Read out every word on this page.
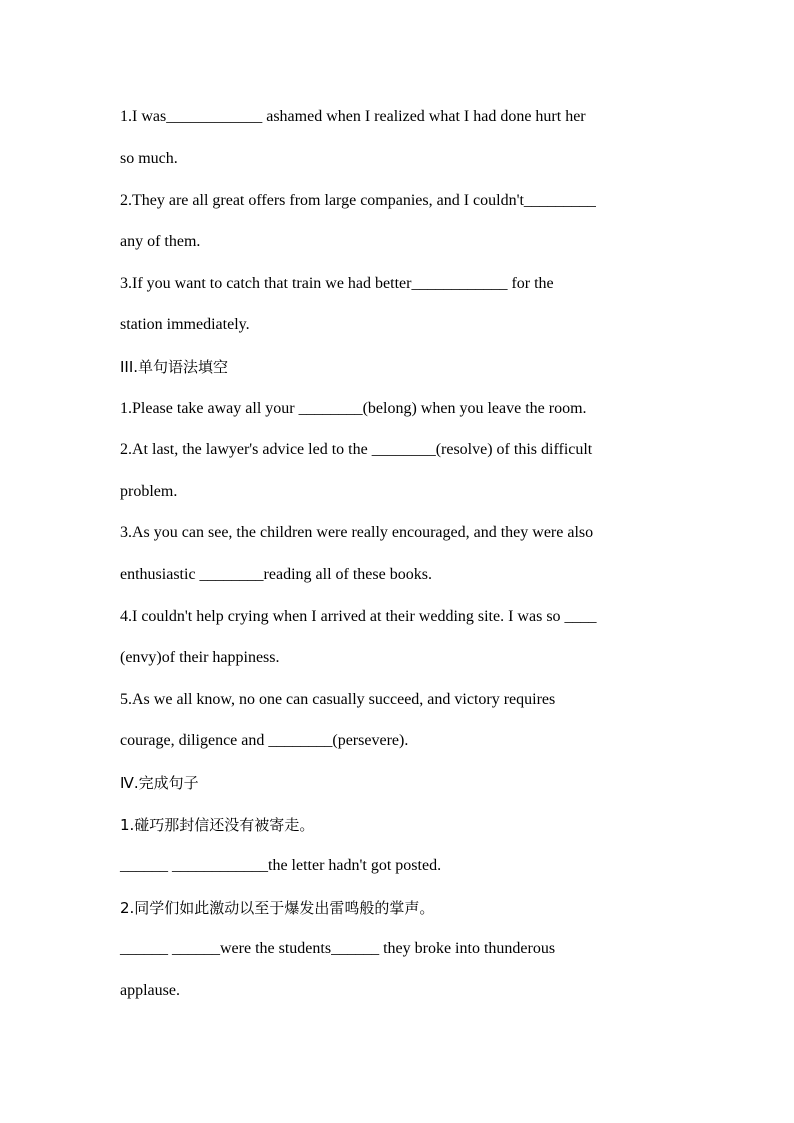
1.I was____________ ashamed when I realized what I had done hurt her
so much.
2.They are all great offers from large companies, and I couldn't_________
any of them.
3.If you want to catch that train we had better____________ for the
station immediately.
III.单句语法填空
1.Please take away all your ________(belong) when you leave the room.
2.At last, the lawyer's advice led to the ________(resolve) of this difficult
problem.
3.As you can see, the children were really encouraged, and they were also
enthusiastic ________reading all of these books.
4.I couldn't help crying when I arrived at their wedding site. I was so ____
(envy)of their happiness.
5.As we all know, no one can casually succeed, and victory requires
courage, diligence and ________(persevere).
Ⅳ.完成句子
1.碰巧那封信还没有被寄走。
______ ____________the letter hadn't got posted.
2.同学们如此激动以至于爆发出雷鸣般的掌声。
______ ______were the students______ they broke into thunderous
applause.
